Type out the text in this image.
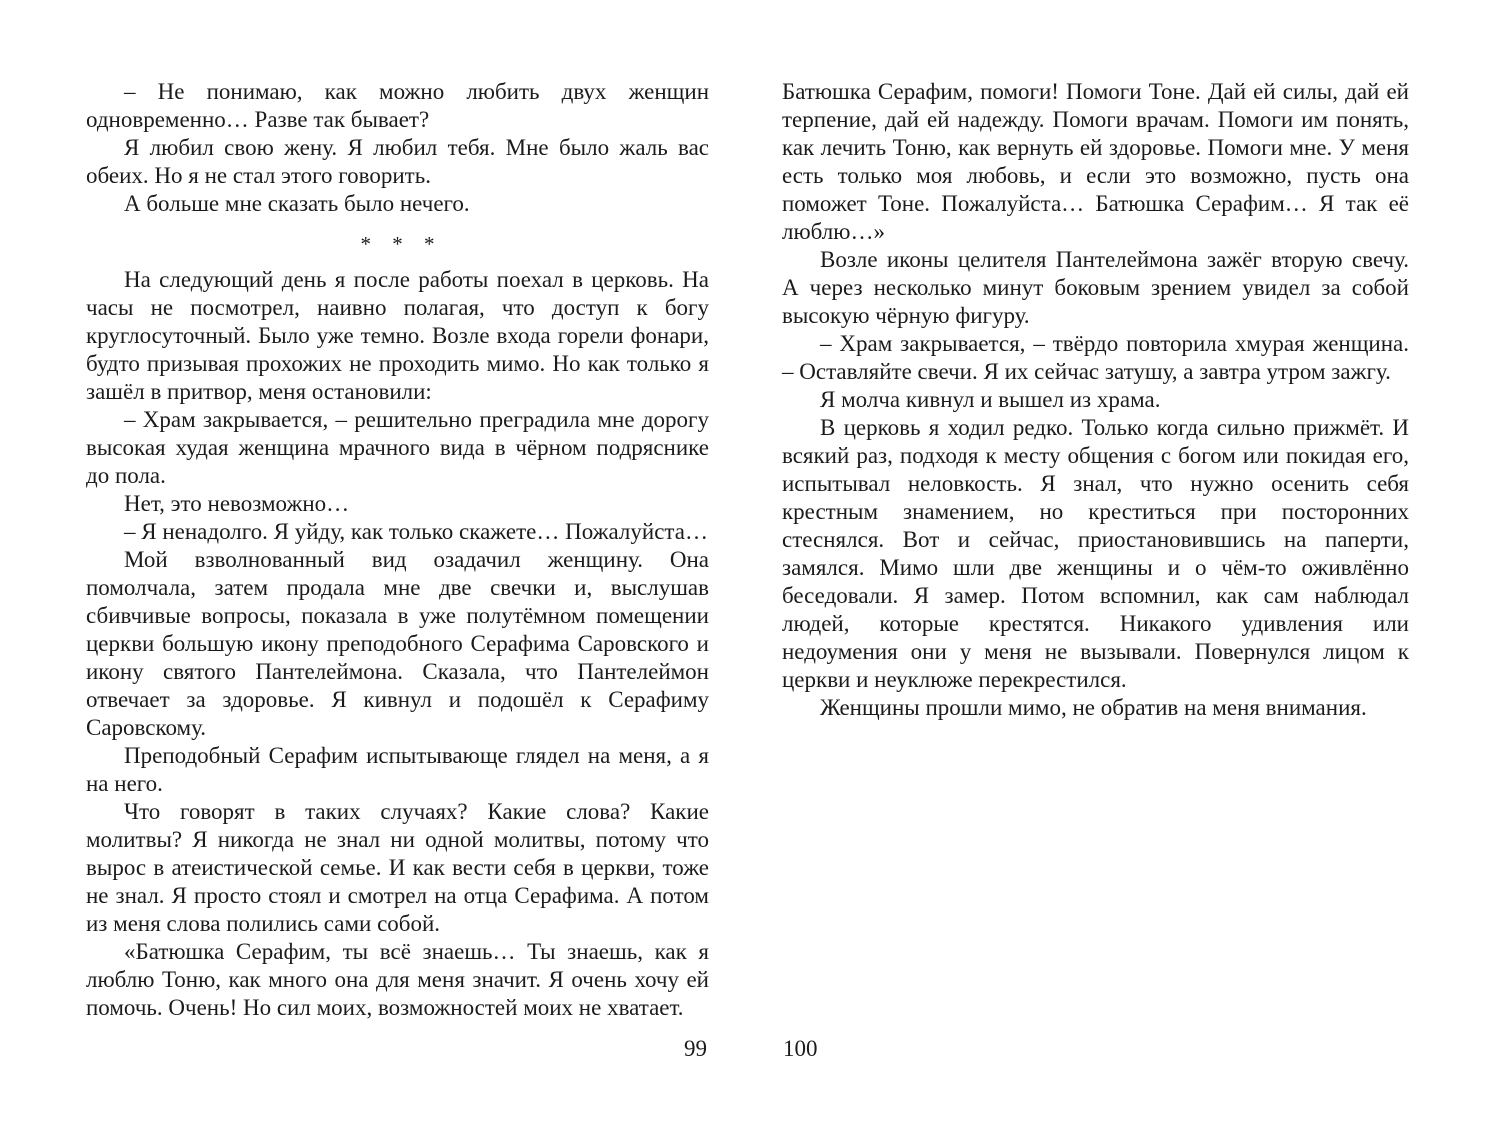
– Не понимаю, как можно любить двух женщин одновременно… Разве так бывает?

Я любил свою жену. Я любил тебя. Мне было жаль вас обеих. Но я не стал этого говорить.

А больше мне сказать было нечего.

* * *

На следующий день я после работы поехал в церковь. На часы не посмотрел, наивно полагая, что доступ к богу круглосуточный. Было уже темно. Возле входа горели фонари, будто призывая прохожих не проходить мимо. Но как только я зашёл в притвор, меня остановили:

– Храм закрывается, – решительно преградила мне дорогу высокая худая женщина мрачного вида в чёрном подряснике до пола.

Нет, это невозможно…

– Я ненадолго. Я уйду, как только скажете… Пожалуйста…

Мой взволнованный вид озадачил женщину. Она помолчала, затем продала мне две свечки и, выслушав сбивчивые вопросы, показала в уже полутёмном помещении церкви большую икону преподобного Серафима Саровского и икону святого Пантелеймона. Сказала, что Пантелеймон отвечает за здоровье. Я кивнул и подошёл к Серафиму Саровскому.

Преподобный Серафим испытывающе глядел на меня, а я на него.

Что говорят в таких случаях? Какие слова? Какие молитвы? Я никогда не знал ни одной молитвы, потому что вырос в атеистической семье. И как вести себя в церкви, тоже не знал. Я просто стоял и смотрел на отца Серафима. А потом из меня слова полились сами собой.

«Батюшка Серафим, ты всё знаешь… Ты знаешь, как я люблю Тоню, как много она для меня значит. Я очень хочу ей помочь. Очень! Но сил моих, возможностей моих не хватает.

Батюшка Серафим, помоги! Помоги Тоне. Дай ей силы, дай ей терпение, дай ей надежду. Помоги врачам. Помоги им понять, как лечить Тоню, как вернуть ей здоровье. Помоги мне. У меня есть только моя любовь, и если это возможно, пусть она поможет Тоне. Пожалуйста… Батюшка Серафим… Я так её люблю…»

Возле иконы целителя Пантелеймона зажёг вторую свечу. А через несколько минут боковым зрением увидел за собой высокую чёрную фигуру.

– Храм закрывается, – твёрдо повторила хмурая женщина. – Оставляйте свечи. Я их сейчас затушу, а завтра утром зажгу.

Я молча кивнул и вышел из храма.

В церковь я ходил редко. Только когда сильно прижмёт. И всякий раз, подходя к месту общения с богом или покидая его, испытывал неловкость. Я знал, что нужно осенить себя крестным знамением, но креститься при посторонних стеснялся. Вот и сейчас, приостановившись на паперти, замялся. Мимо шли две женщины и о чём-то оживлённо беседовали. Я замер. Потом вспомнил, как сам наблюдал людей, которые крестятся. Никакого удивления или недоумения они у меня не вызывали. Повернулся лицом к церкви и неуклюже перекрестился.

Женщины прошли мимо, не обратив на меня внимания.

99	100
